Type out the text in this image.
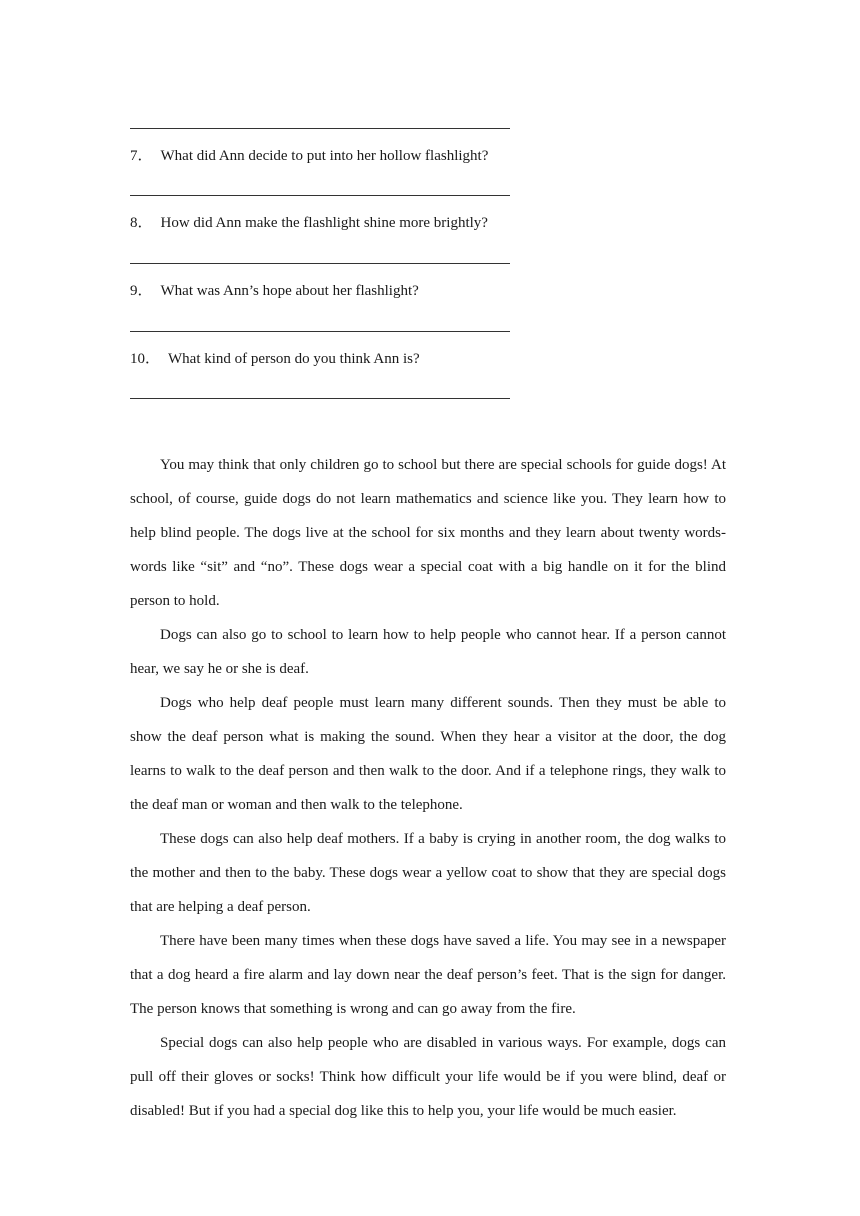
7． What did Ann decide to put into her hollow flashlight?
8． How did Ann make the flashlight shine more brightly?
9． What was Ann’s hope about her flashlight?
10． What kind of person do you think Ann is?

You may think that only children go to school but there are special schools for guide dogs! At school, of course, guide dogs do not learn mathematics and science like you. They learn how to help blind people. The dogs live at the school for six months and they learn about twenty words-words like “sit” and “no”. These dogs wear a special coat with a big handle on it for the blind person to hold.

Dogs can also go to school to learn how to help people who cannot hear. If a person cannot hear, we say he or she is deaf.

Dogs who help deaf people must learn many different sounds. Then they must be able to show the deaf person what is making the sound. When they hear a visitor at the door, the dog learns to walk to the deaf person and then walk to the door. And if a telephone rings, they walk to the deaf man or woman and then walk to the telephone.

These dogs can also help deaf mothers. If a baby is crying in another room, the dog walks to the mother and then to the baby. These dogs wear a yellow coat to show that they are special dogs that are helping a deaf person.

There have been many times when these dogs have saved a life. You may see in a newspaper that a dog heard a fire alarm and lay down near the deaf person’s feet. That is the sign for danger. The person knows that something is wrong and can go away from the fire.

Special dogs can also help people who are disabled in various ways. For example, dogs can pull off their gloves or socks! Think how difficult your life would be if you were blind, deaf or disabled! But if you had a special dog like this to help you, your life would be much easier.
